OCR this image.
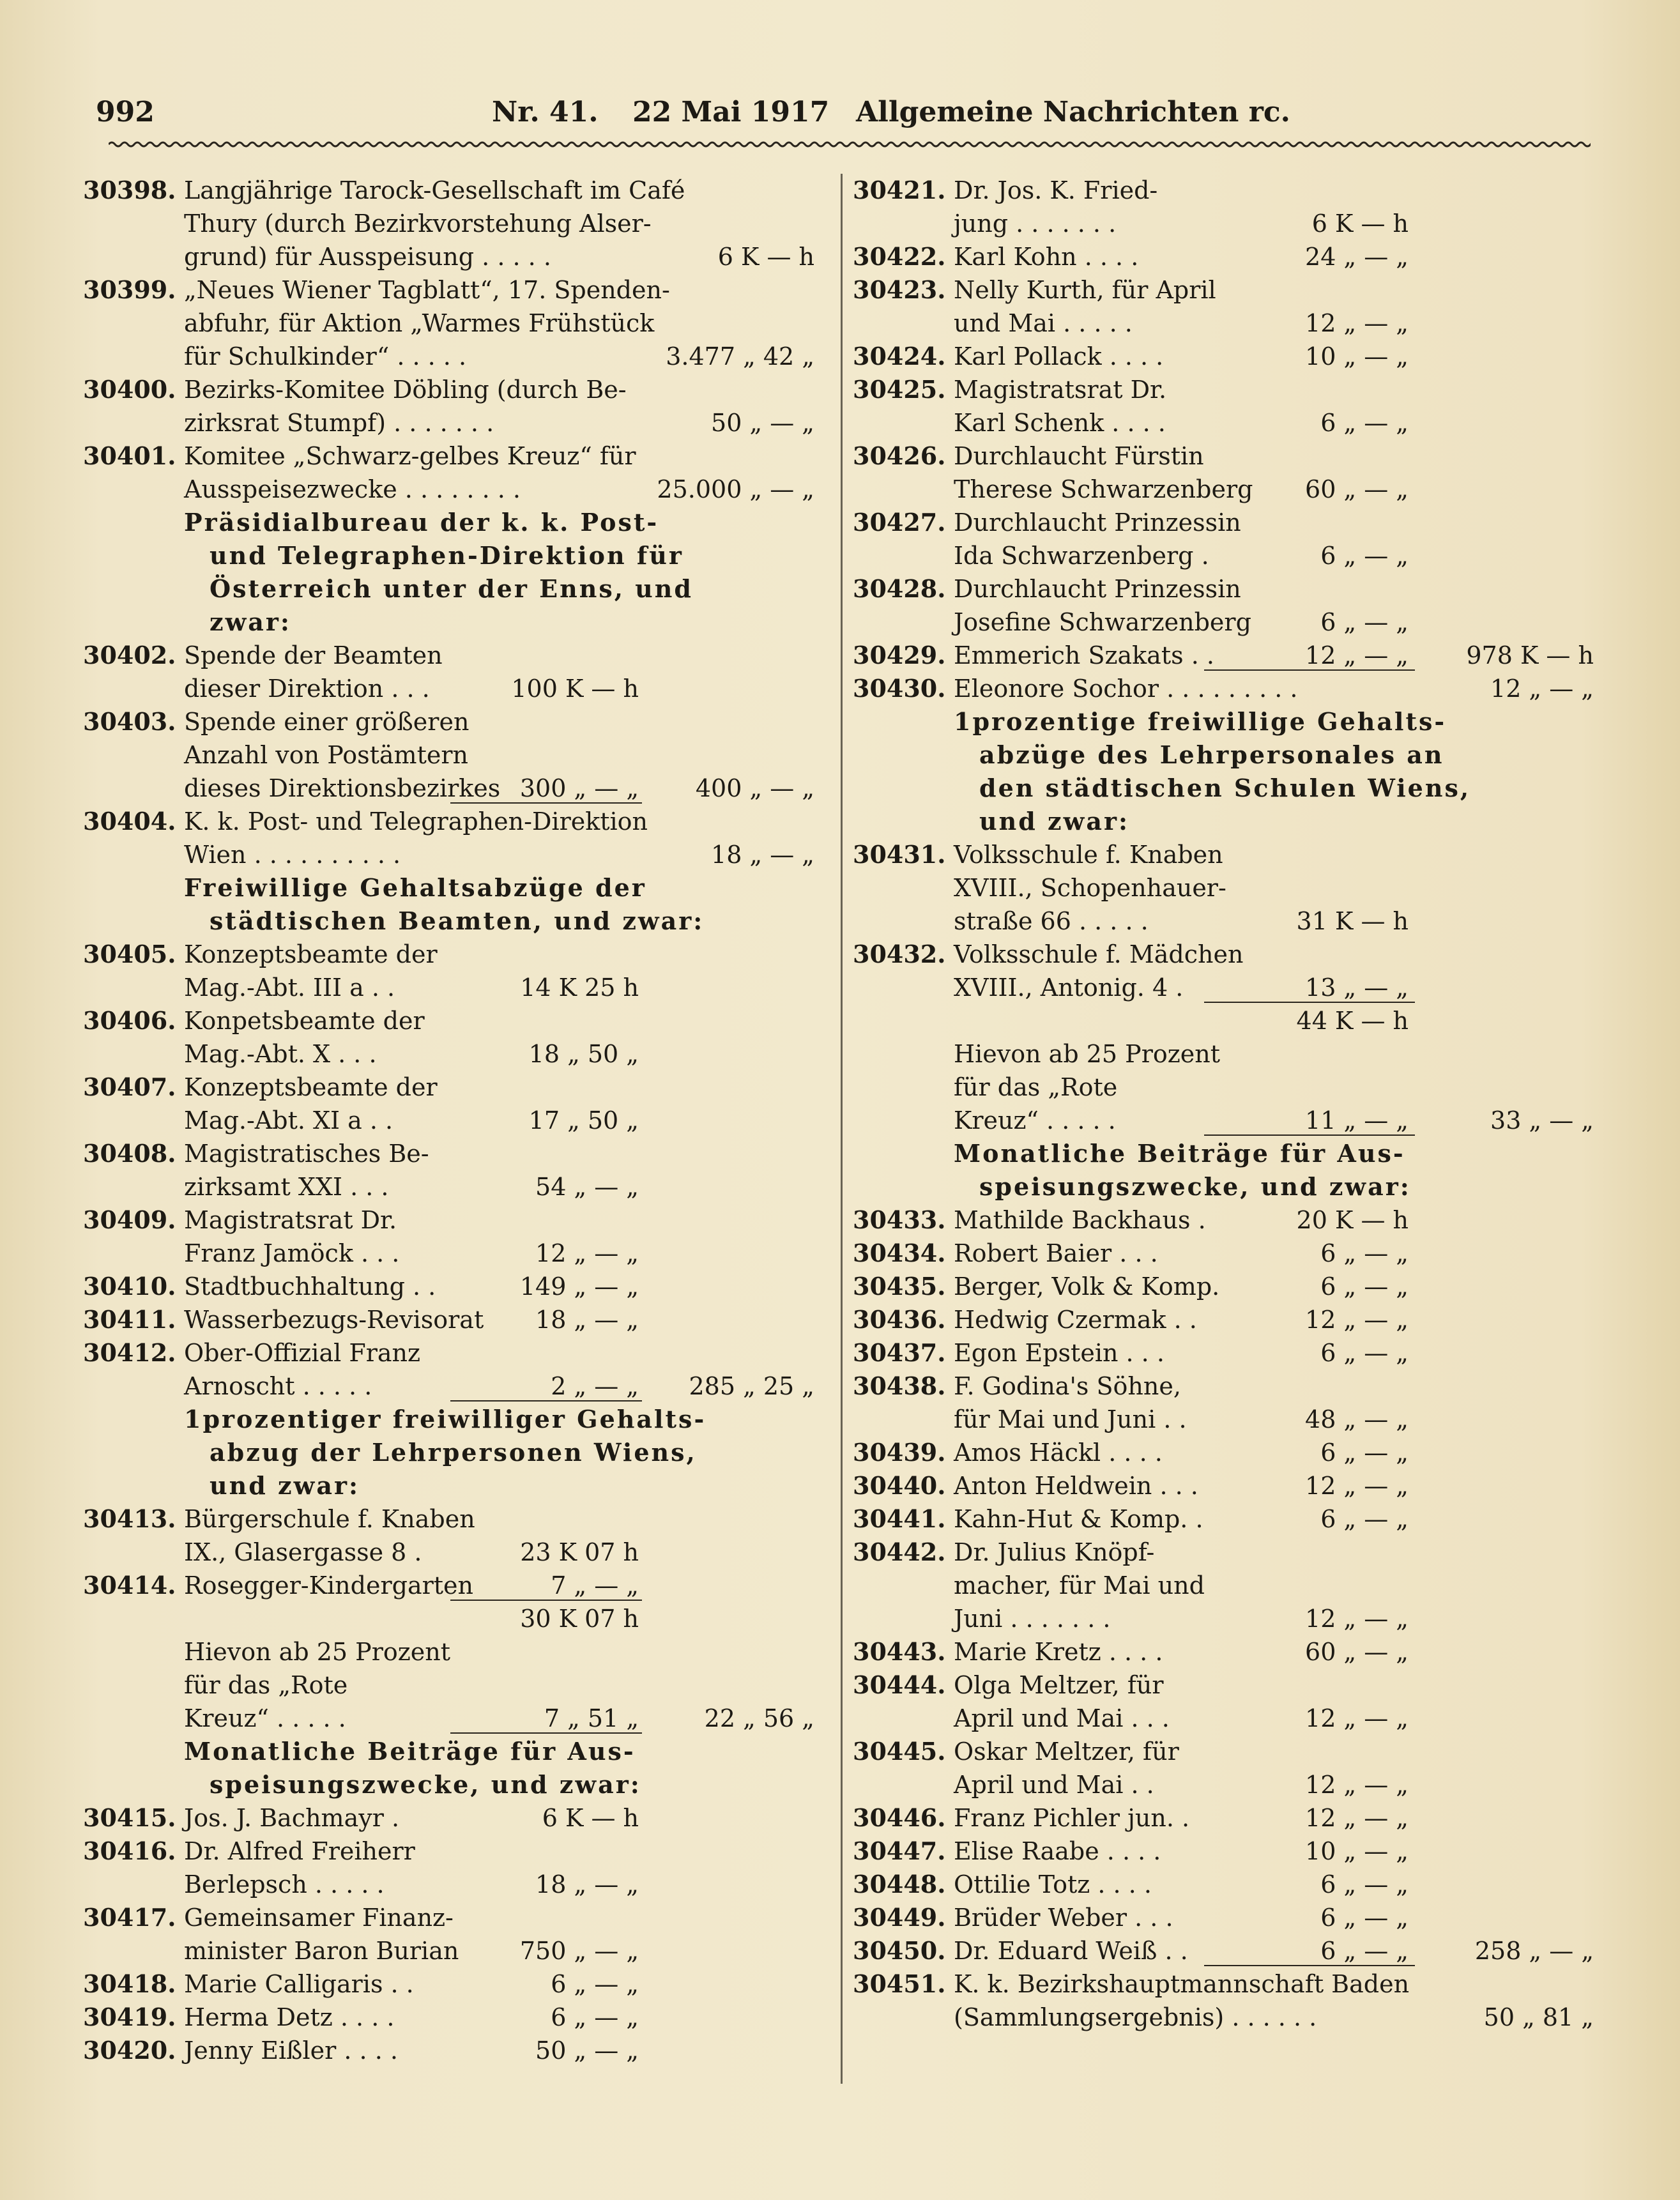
992	Nr. 41. 22 Mai 1917 Allgemeine Nachrichten rc.
30398. Langjährige Tarock-Gesellschaft im Café
Thury (durch Bezirkvorstehung Alser-
grund) für Ausspeisung . . . . .	6 K — h
30399. „Neues Wiener Tagblatt“, 17. Spenden-
abfuhr, für Aktion „Warmes Frühstück
für Schulkinder“ . . . . .	3.477 „ 42 „
30400. Bezirks-Komitee Döbling (durch Be-
zirksrat Stumpf) . . . . . . .	50 „ — „
30401. Komitee „Schwarz-gelbes Kreuz“ für
Ausspeisezwecke . . . . . . . .	25.000 „ — „
Präsidialbureau der k. k. Post-
und Telegraphen-Direktion für
Österreich unter der Enns, und
zwar:
30402. Spende der Beamten
dieser Direktion . . .	100 K — h
30403. Spende einer größeren
Anzahl von Postämtern
dieses Direktionsbezirkes 300 „ — „	400 „ — „
30404. K. k. Post- und Telegraphen-Direktion
Wien . . . . . . . . . .	18 „ — „
Freiwillige Gehaltsabzüge der
städtischen Beamten, und zwar:
30405. Konzeptsbeamte der
Mag.-Abt. III a . .	14 K 25 h
30406. Konpetsbeamte der
Mag.-Abt. X . . .	18 „ 50 „
30407. Konzeptsbeamte der
Mag.-Abt. XI a . .	17 „ 50 „
30408. Magistratisches Be-
zirksamt XXI . . .	54 „ — „
30409. Magistratsrat Dr.
Franz Jamöck . . .	12 „ — „
30410. Stadtbuchhaltung . .	149 „ — „
30411. Wasserbezugs-Revisorat	18 „ — „
30412. Ober-Offizial Franz
Arnoscht . . . . .	2 „ — „	285 „ 25 „
1prozentiger freiwilliger Gehalts-
abzug der Lehrpersonen Wiens,
und zwar:
30413. Bürgerschule f. Knaben
IX., Glasergasse 8 .	23 K 07 h
30414. Rosegger-Kindergarten	7 „ — „
30 K 07 h
Hievon ab 25 Prozent
für das „Rote
Kreuz“ . . . . .	7 „ 51 „	22 „ 56 „
Monatliche Beiträge für Aus-
speisungszwecke, und zwar:
30415. Jos. J. Bachmayr .	6 K — h
30416. Dr. Alfred Freiherr
Berlepsch . . . . .	18 „ — „
30417. Gemeinsamer Finanz-
minister Baron Burian	750 „ — „
30418. Marie Calligaris . .	6 „ — „
30419. Herma Detz . . . .	6 „ — „
30420. Jenny Eißler . . . .	50 „ — „
30421. Dr. Jos. K. Fried-
jung . . . . . . .	6 K — h
30422. Karl Kohn . . . .	24 „ — „
30423. Nelly Kurth, für April
und Mai . . . . .	12 „ — „
30424. Karl Pollack . . . .	10 „ — „
30425. Magistratsrat Dr.
Karl Schenk . . . .	6 „ — „
30426. Durchlaucht Fürstin
Therese Schwarzenberg	60 „ — „
30427. Durchlaucht Prinzessin
Ida Schwarzenberg .	6 „ — „
30428. Durchlaucht Prinzessin
Josefine Schwarzenberg	6 „ — „
30429. Emmerich Szakats . .	12 „ — „	978 K — h
30430. Eleonore Sochor . . . . . . . . .	12 „ — „
1prozentige freiwillige Gehalts-
abzüge des Lehrpersonales an
den städtischen Schulen Wiens,
und zwar:
30431. Volksschule f. Knaben
XVIII., Schopenhauer-
straße 66 . . . . .	31 K — h
30432. Volksschule f. Mädchen
XVIII., Antonig. 4 .	13 „ — „
44 K — h
Hievon ab 25 Prozent
für das „Rote
Kreuz“ . . . . .	11 „ — „	33 „ — „
Monatliche Beiträge für Aus-
speisungszwecke, und zwar:
30433. Mathilde Backhaus .	20 K — h
30434. Robert Baier . . .	6 „ — „
30435. Berger, Volk & Komp.	6 „ — „
30436. Hedwig Czermak . .	12 „ — „
30437. Egon Epstein . . .	6 „ — „
30438. F. Godina's Söhne,
für Mai und Juni . .	48 „ — „
30439. Amos Häckl . . . .	6 „ — „
30440. Anton Heldwein . . .	12 „ — „
30441. Kahn-Hut & Komp. .	6 „ — „
30442. Dr. Julius Knöpf-
macher, für Mai und
Juni . . . . . . .	12 „ — „
30443. Marie Kretz . . . .	60 „ — „
30444. Olga Meltzer, für
April und Mai . . .	12 „ — „
30445. Oskar Meltzer, für
April und Mai . .	12 „ — „
30446. Franz Pichler jun. .	12 „ — „
30447. Elise Raabe . . . .	10 „ — „
30448. Ottilie Totz . . . .	6 „ — „
30449. Brüder Weber . . .	6 „ — „
30450. Dr. Eduard Weiß . .	6 „ — „	258 „ — „
30451. K. k. Bezirkshauptmannschaft Baden
(Sammlungsergebnis) . . . . . .	50 „ 81 „
